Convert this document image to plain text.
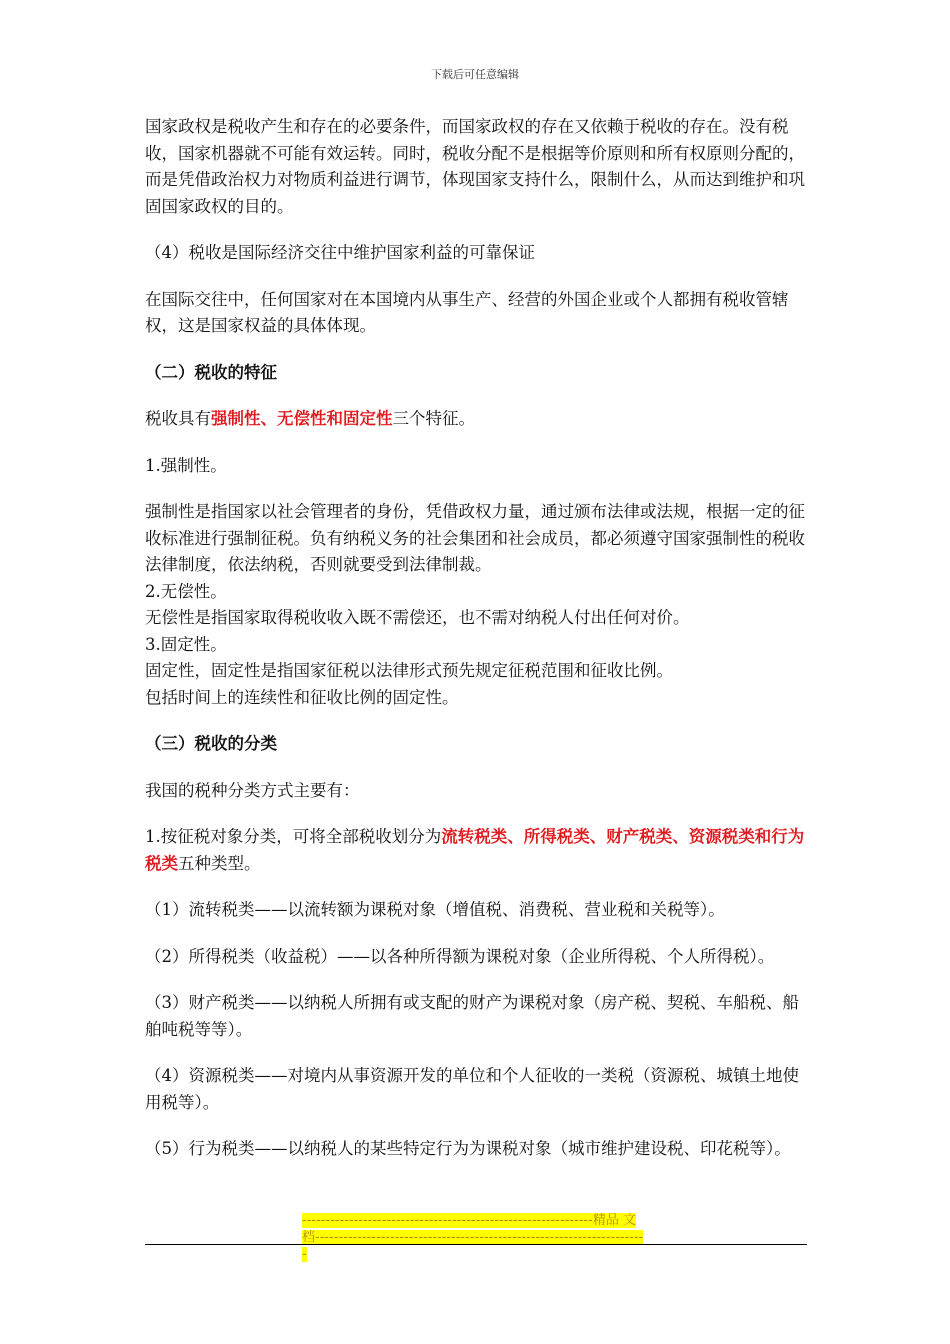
下载后可任意编辑

国家政权是税收产生和存在的必要条件，而国家政权的存在又依赖于税收的存在。没有税收，国家机器就不可能有效运转。同时，税收分配不是根据等价原则和所有权原则分配的，而是凭借政治权力对物质利益进行调节，体现国家支持什么，限制什么，从而达到维护和巩固国家政权的目的。

（4）税收是国际经济交往中维护国家利益的可靠保证

在国际交往中，任何国家对在本国境内从事生产、经营的外国企业或个人都拥有税收管辖权，这是国家权益的具体体现。

（二）税收的特征

税收具有强制性、无偿性和固定性三个特征。

1.强制性。

强制性是指国家以社会管理者的身份，凭借政权力量，通过颁布法律或法规，根据一定的征收标准进行强制征税。负有纳税义务的社会集团和社会成员，都必须遵守国家强制性的税收法律制度，依法纳税，否则就要受到法律制裁。

2.无偿性。

无偿性是指国家取得税收收入既不需偿还，也不需对纳税人付出任何对价。

3.固定性。

固定性，固定性是指国家征税以法律形式预先规定征税范围和征收比例。

包括时间上的连续性和征收比例的固定性。

（三）税收的分类

我国的税种分类方式主要有：

1.按征税对象分类，可将全部税收划分为流转税类、所得税类、财产税类、资源税类和行为税类五种类型。

（1）流转税类——以流转额为课税对象（增值税、消费税、营业税和关税等）。

（2）所得税类（收益税）——以各种所得额为课税对象（企业所得税、个人所得税）。

（3）财产税类——以纳税人所拥有或支配的财产为课税对象（房产税、契税、车船税、船舶吨税等等）。

（4）资源税类——对境内从事资源开发的单位和个人征收的一类税（资源税、城镇土地使用税等）。

（5）行为税类——以纳税人的某些特定行为为课税对象（城市维护建设税、印花税等）。

--------------------------------------------------------------精品 文档-----------------------------------------------------------------------
